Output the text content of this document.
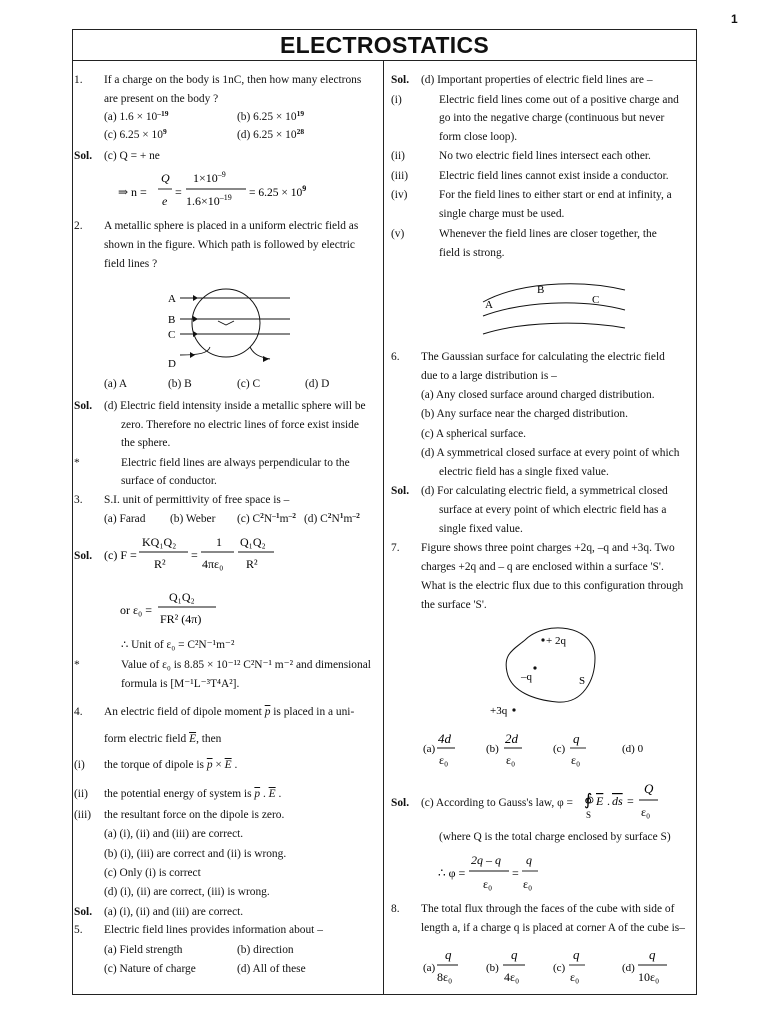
1
ELECTROSTATICS
1. If a charge on the body is 1nC, then how many electrons
are present on the body ?
(a) $1.6 \times 10^{-19}$	(b) $6.25 \times 10^{19}$
(c) $6.25 \times 10^9$	(d) $6.25 \times 10^{28}$
Sol. (c) Q = + ne
⇒ n =
Q
e
=
$1\times 10^{-9}$
$1.6\times 10^{-19} = 6.25 \times 10^9$
2. A metallic sphere is placed in a uniform electric field as
shown in the figure. Which path is followed by electric
field lines ?
A
B
C
D
(a) A	(b) B	(c) C	(d) D
Sol. (d) Electric field intensity inside a metallic sphere will be
zero. Therefore no electric lines of force exist inside
the sphere.
*	Electric field lines are always perpendicular to the
surface of conductor.
3. S.I. unit of permittivity of free space is –
(a) Farad (b) Weber (c) $C^2N^{-1}m^{-2}$ (d) $C^2N^1m^{-2}$
Sol. (c) F =
KQ₁Q₂
R²
=
1
4πε₀
Q₁Q₂
R²
or ε₀ =
Q₁Q₂
FR² (4π)
∴ Unit of ε₀ = C²N⁻¹m⁻²
*	Value of ε₀ is 8.85 × 10⁻¹² C²N⁻¹ m⁻² and dimensional
formula is [M⁻¹L⁻³T⁴A²].
4. An electric field of dipole moment $\overline{p}$ is placed in a uni-
form electric field $\overline{E}$, then
(i) the torque of dipole is $\overline{p} \times \overline{E}$ .
(ii) the potential energy of system is $\overline{p}$ . $\overline{E}$ .
(iii) the resultant force on the dipole is zero.
(a) (i), (ii) and (iii) are correct.
(b) (i), (iii) are correct and (ii) is wrong.
(c) Only (i) is correct
(d) (i), (ii) are correct, (iii) is wrong.
Sol. (a) (i), (ii) and (iii) are correct.
5. Electric field lines provides information about –
(a) Field strength	(b) direction
(c) Nature of charge	(d) All of these
Sol. (d) Important properties of electric field lines are –
(i)	Electric field lines come out of a positive charge and
go into the negative charge (continuous but never
form close loop).
(ii)	No two electric field lines intersect each other.
(iii)	Electric field lines cannot exist inside a conductor.
(iv)	For the field lines to either start or end at infinity, a
single charge must be used.
(v)	Whenever the field lines are closer together, the
field is strong.
A
B
C
6. The Gaussian surface for calculating the electric field
due to a large distribution is –
(a) Any closed surface around charged distribution.
(b) Any surface near the charged distribution.
(c) A spherical surface.
(d) A symmetrical closed surface at every point of which
electric field has a single fixed value.
Sol. (d) For calculating electric field, a symmetrical closed
surface at every point of which electric field has a
single fixed value.
7. Figure shows three point charges +2q, –q and +3q. Two
charges +2q and – q are enclosed within a surface 'S'.
What is the electric flux due to this configuration through
the surface 'S'.
+ 2q
–q	S
+3q
(a)
4d
ε₀
(b)
2d
ε₀
(c)
q
ε₀
(d) 0
Sol. (c) According to Gauss's law, φ = ∮
S
E . ds =
Q
ε₀
(where Q is the total charge enclosed by surface S)
∴ φ =
2q – q
ε₀
=
q
ε₀
8. The total flux through the faces of the cube with side of
length a, if a charge q is placed at corner A of the cube is–
(a)
q
8ε₀
(b)
q
4ε₀
(c)
q
ε₀
(d)
q
10ε₀
